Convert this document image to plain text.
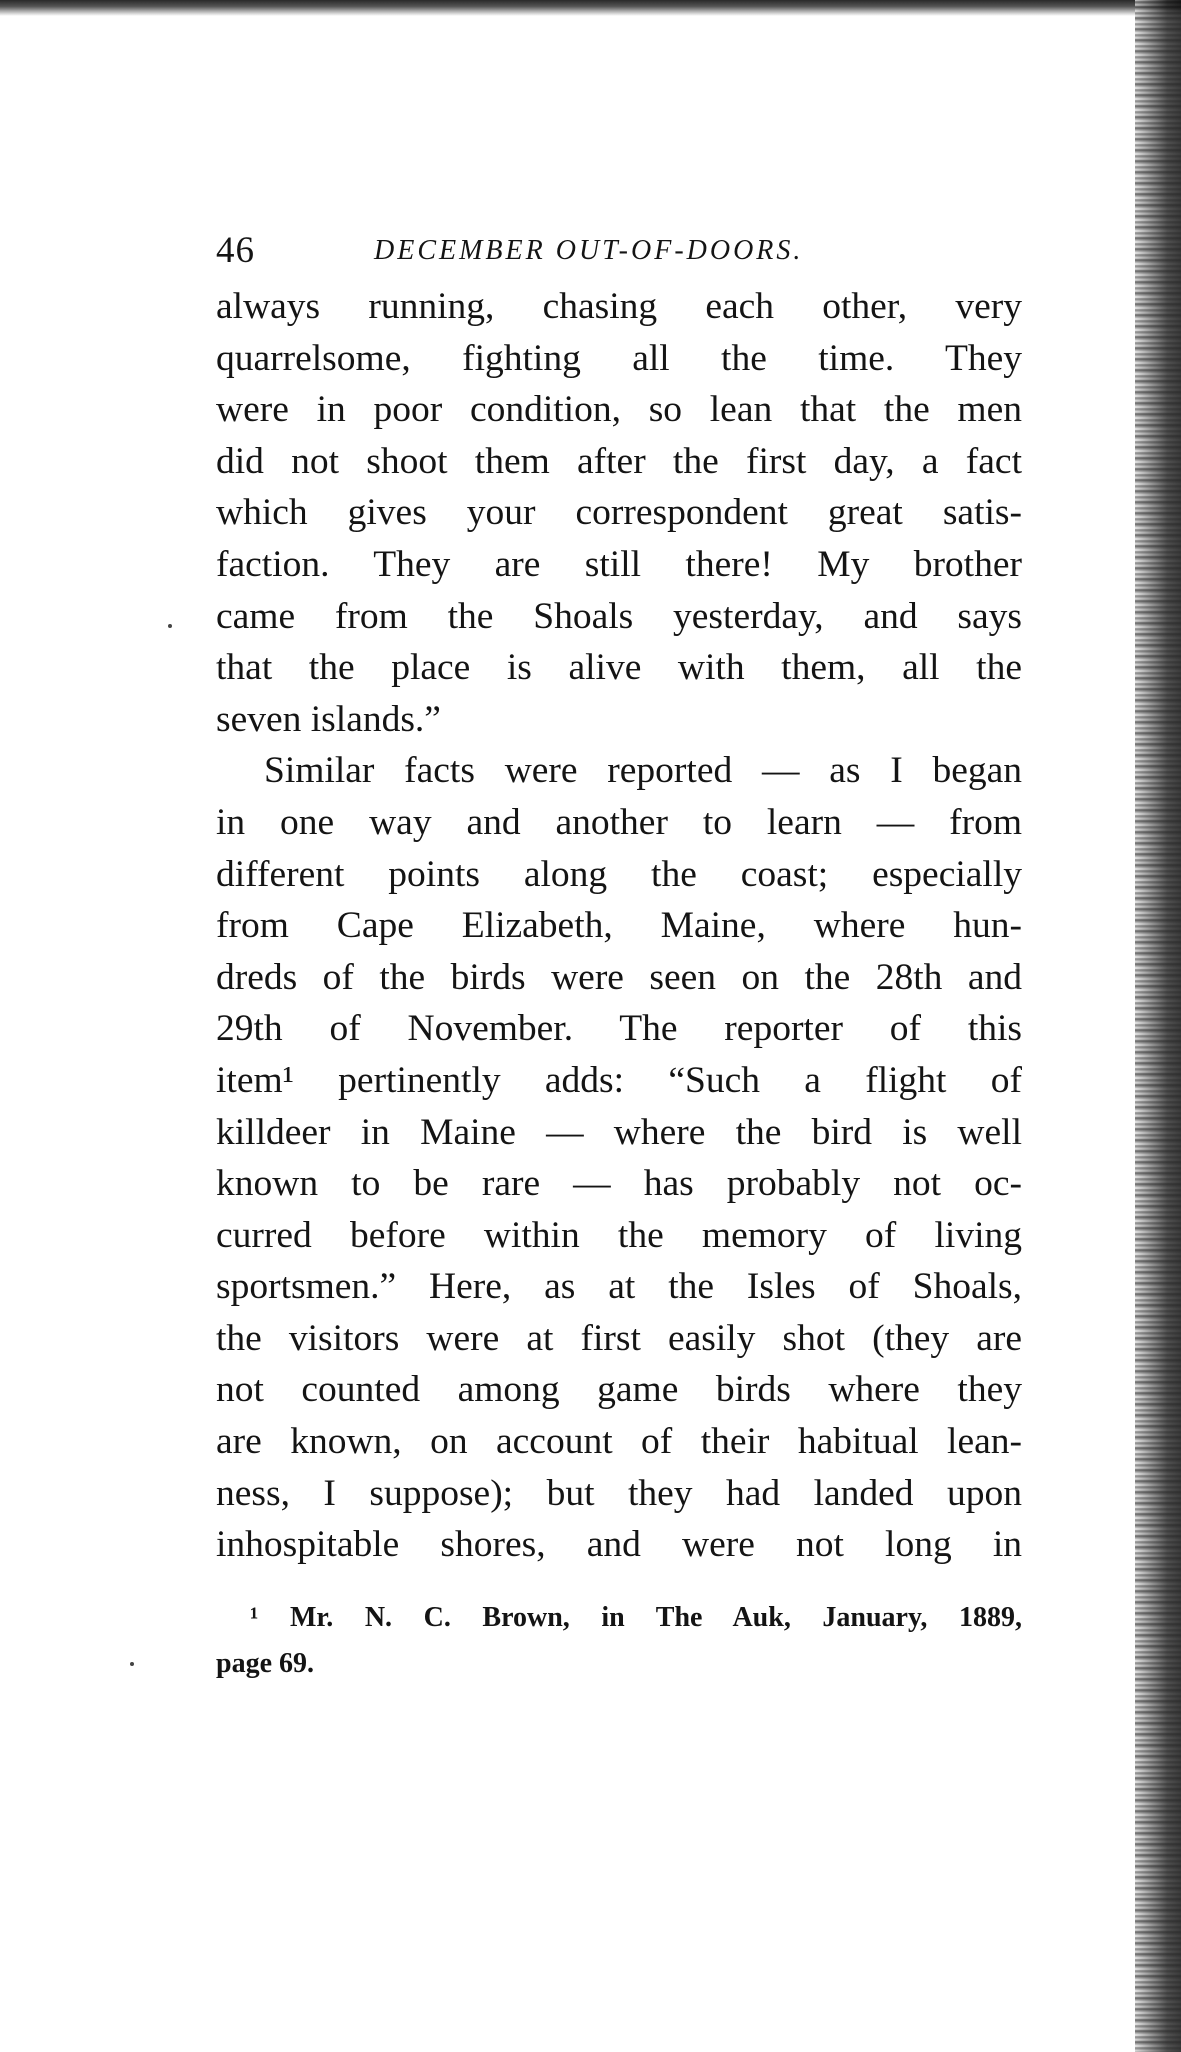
46	DECEMBER OUT-OF-DOORS.
always running, chasing each other, very
quarrelsome, fighting all the time. They
were in poor condition, so lean that the men
did not shoot them after the first day, a fact
which gives your correspondent great satis-
faction. They are still there! My brother
came from the Shoals yesterday, and says
that the place is alive with them, all the
seven islands.”
Similar facts were reported — as I began
in one way and another to learn — from
different points along the coast; especially
from Cape Elizabeth, Maine, where hun-
dreds of the birds were seen on the 28th and
29th of November. The reporter of this
item¹ pertinently adds: “Such a flight of
killdeer in Maine — where the bird is well
known to be rare — has probably not oc-
curred before within the memory of living
sportsmen.” Here, as at the Isles of Shoals,
the visitors were at first easily shot (they are
not counted among game birds where they
are known, on account of their habitual lean-
ness, I suppose); but they had landed upon
inhospitable shores, and were not long in
¹ Mr. N. C. Brown, in The Auk, January, 1889,
page 69.
